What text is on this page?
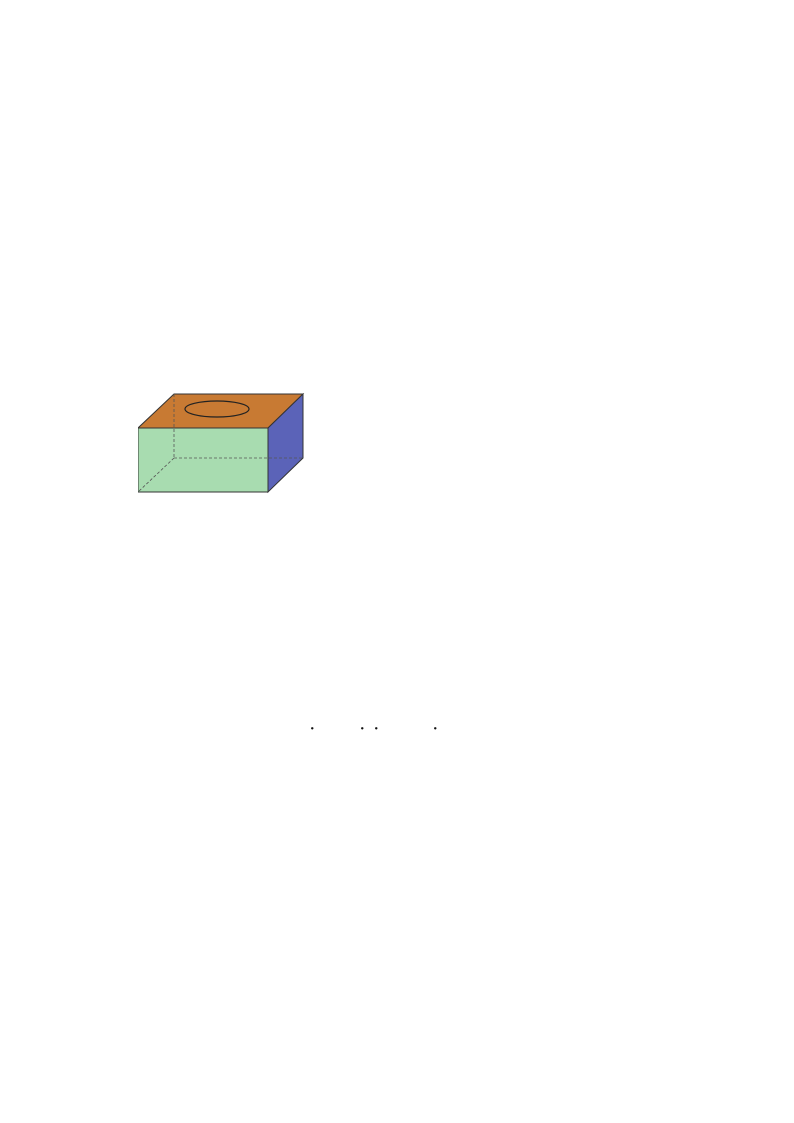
·	· ·	·
